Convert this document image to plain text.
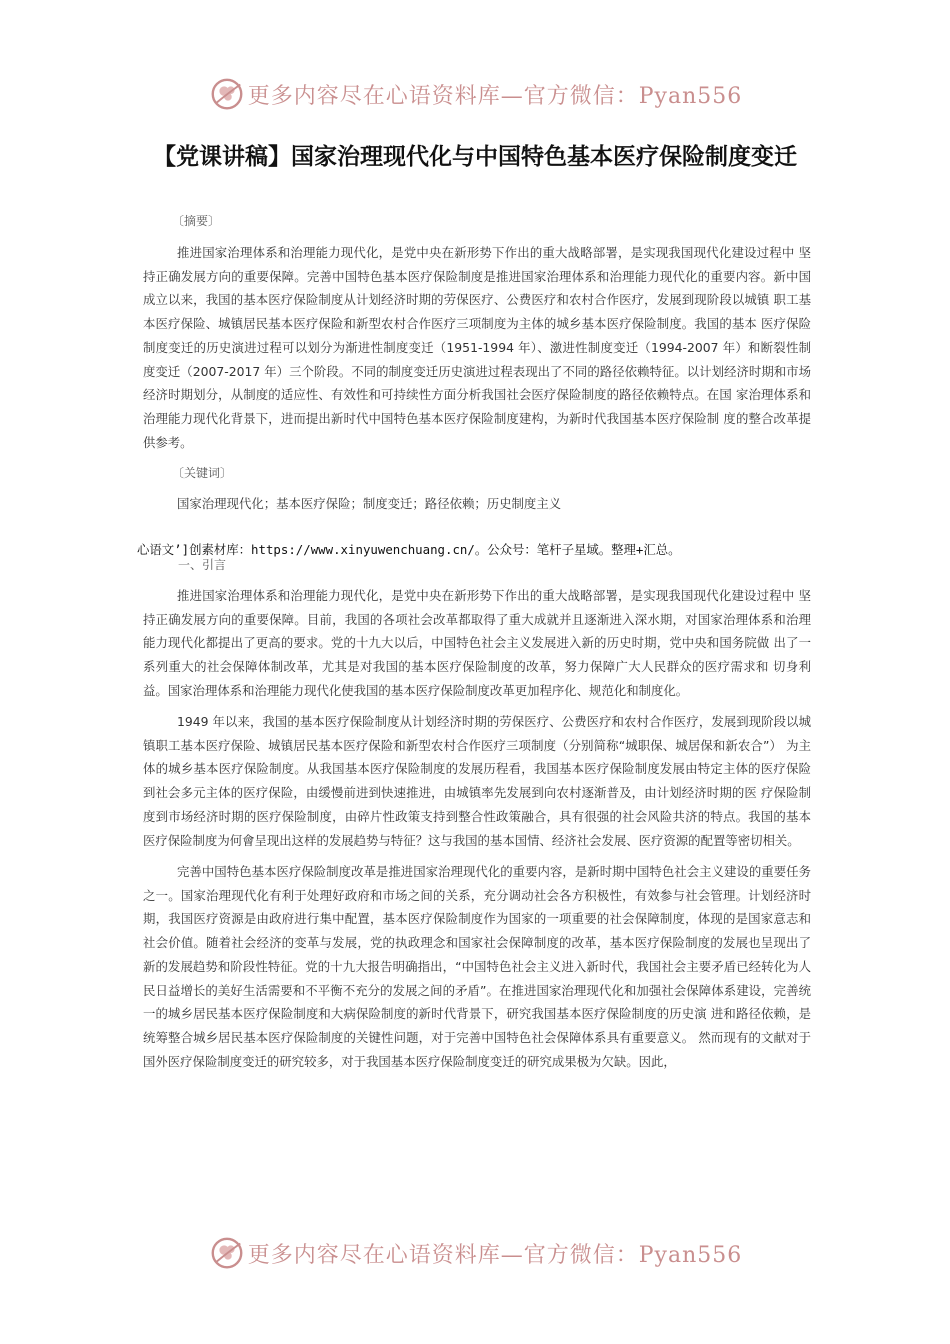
更多内容尽在心语资料库—官方微信：Pyan556
【党课讲稿】国家治理现代化与中国特色基本医疗保险制度变迁
〔摘要〕

推进国家治理体系和治理能力现代化，是党中央在新形势下作出的重大战略部署，是实现我国现代化建设过程中 坚持正确发展方向的重要保障。完善中国特色基本医疗保险制度是推进国家治理体系和治理能力现代化的重要内容。新中国成立以来，我国的基本医疗保险制度从计划经济时期的劳保医疗、公费医疗和农村合作医疗，发展到现阶段以城镇 职工基本医疗保险、城镇居民基本医疗保险和新型农村合作医疗三项制度为主体的城乡基本医疗保险制度。我国的基本 医疗保险制度变迁的历史演进过程可以划分为渐进性制度变迁（1951-1994 年）、激进性制度变迁（1994-2007 年）和断裂性制度变迁（2007-2017 年）三个阶段。不同的制度变迁历史演进过程表现出了不同的路径依赖特征。以计划经济时期和市场经济时期划分，从制度的适应性、有效性和可持续性方面分析我国社会医疗保险制度的路径依赖特点。在国 家治理体系和治理能力现代化背景下，进而提出新时代中国特色基本医疗保险制度建构，为新时代我国基本医疗保险制 度的整合改革提供参考。

〔关键词〕
国家治理现代化；基本医疗保险；制度变迁；路径依赖；历史制度主义
心语文’]创素材库：https://www.xinyuwenchuang.cn/。公众号：笔杆子星域。整理+汇总。
一、引言

推进国家治理体系和治理能力现代化，是党中央在新形势下作出的重大战略部署，是实现我国现代化建设过程中 坚持正确发展方向的重要保障。目前，我国的各项社会改革都取得了重大成就并且逐渐进入深水期，对国家治理体系和治理能力现代化都提出了更高的要求。党的十九大以后，中国特色社会主义发展进入新的历史时期，党中央和国务院做 出了一系列重大的社会保障体制改革，尤其是对我国的基本医疗保险制度的改革，努力保障广大人民群众的医疗需求和 切身利益。国家治理体系和治理能力现代化使我国的基本医疗保险制度改革更加程序化、规范化和制度化。

1949 年以来，我国的基本医疗保险制度从计划经济时期的劳保医疗、公费医疗和农村合作医疗，发展到现阶段以城镇职工基本医疗保险、城镇居民基本医疗保险和新型农村合作医疗三项制度（分别简称“城职保、城居保和新农合”） 为主体的城乡基本医疗保险制度。从我国基本医疗保险制度的发展历程看，我国基本医疗保险制度发展由特定主体的医疗保险到社会多元主体的医疗保险，由缓慢前进到快速推进，由城镇率先发展到向农村逐渐普及，由计划经济时期的医 疗保险制度到市场经济时期的医疗保险制度，由碎片性政策支持到整合性政策融合，具有很强的社会风险共济的特点。我国的基本医疗保险制度为何會呈现出这样的发展趋势与特征？这与我国的基本国情、经济社会发展、医疗资源的配置等密切相关。

完善中国特色基本医疗保险制度改革是推进国家治理现代化的重要内容，是新时期中国特色社会主义建设的重要任务之一。国家治理现代化有利于处理好政府和市场之间的关系，充分调动社会各方积极性，有效参与社会管理。计划经济时期，我国医疗资源是由政府进行集中配置，基本医疗保险制度作为国家的一项重要的社会保障制度，体现的是国家意志和社会价值。随着社会经济的变革与发展，党的执政理念和国家社会保障制度的改革，基本医疗保险制度的发展也呈现出了新的发展趋势和阶段性特征。党的十九大报告明确指出，“中国特色社会主义进入新时代，我国社会主要矛盾已经转化为人民日益增长的美好生活需要和不平衡不充分的发展之间的矛盾”。在推进国家治理现代化和加强社会保障体系建设，完善统一的城乡居民基本医疗保险制度和大病保险制度的新时代背景下，研究我国基本医疗保险制度的历史演 进和路径依赖，是统筹整合城乡居民基本医疗保险制度的关键性问题，对于完善中国特色社会保障体系具有重要意义。 然而现有的文献对于国外医疗保险制度变迁的研究较多，对于我国基本医疗保险制度变迁的研究成果极为欠缺。因此，

更多内容尽在心语资料库—官方微信：Pyan556
